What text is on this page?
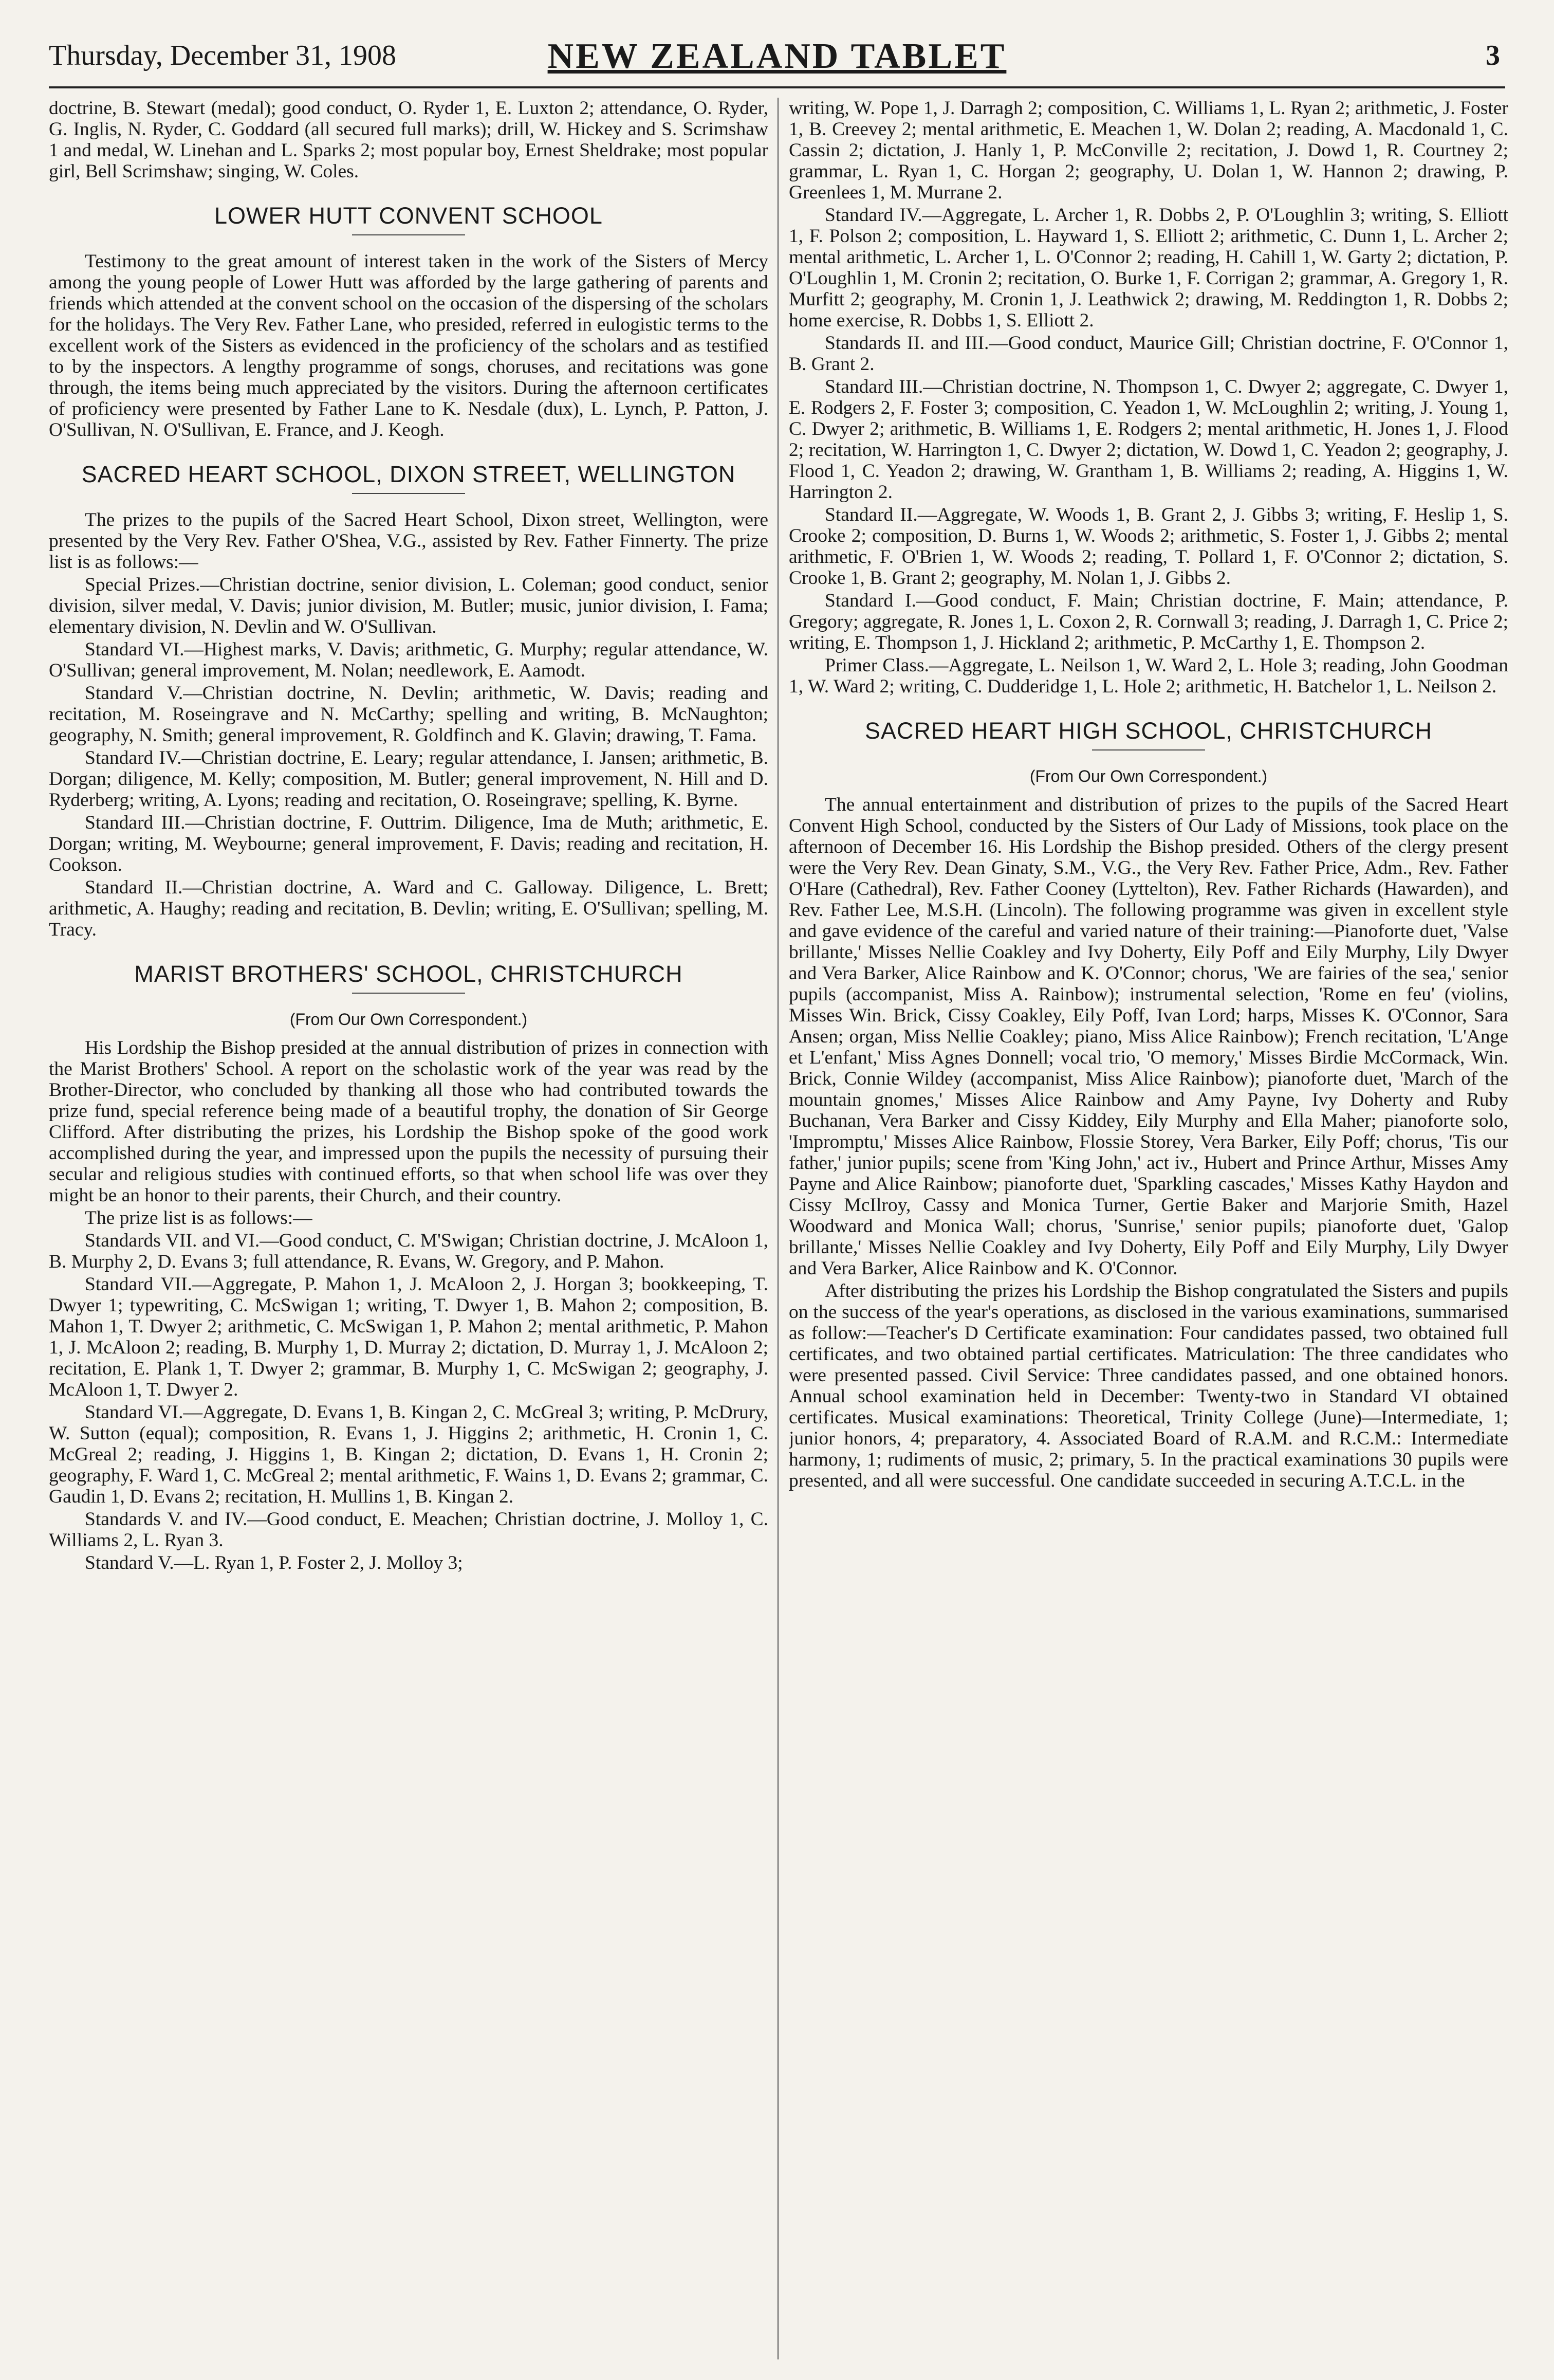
Thursday, December 31, 1908	NEW ZEALAND TABLET	3

doctrine, B. Stewart (medal); good conduct, O. Ryder 1, E. Luxton 2; attendance, O. Ryder, G. Inglis, N. Ryder, C. Goddard (all secured full marks); drill, W. Hickey and S. Scrimshaw 1 and medal, W. Linehan and L. Sparks 2; most popular boy, Ernest Sheldrake; most popular girl, Bell Scrimshaw; singing, W. Coles.

LOWER HUTT CONVENT SCHOOL

Testimony to the great amount of interest taken in the work of the Sisters of Mercy among the young people of Lower Hutt was afforded by the large gathering of parents and friends which attended at the convent school on the occasion of the dispersing of the scholars for the holidays. The Very Rev. Father Lane, who presided, referred in eulogistic terms to the excellent work of the Sisters as evidenced in the proficiency of the scholars and as testified to by the inspectors. A lengthy programme of songs, choruses, and recitations was gone through, the items being much appreciated by the visitors. During the afternoon certificates of proficiency were presented by Father Lane to K. Nesdale (dux), L. Lynch, P. Patton, J. O'Sullivan, N. O'Sullivan, E. France, and J. Keogh.

SACRED HEART SCHOOL, DIXON STREET, WELLINGTON

The prizes to the pupils of the Sacred Heart School, Dixon street, Wellington, were presented by the Very Rev. Father O'Shea, V.G., assisted by Rev. Father Finnerty. The prize list is as follows:—

Special Prizes.—Christian doctrine, senior division, L. Coleman; good conduct, senior division, silver medal, V. Davis; junior division, M. Butler; music, junior division, I. Fama; elementary division, N. Devlin and W. O'Sullivan.

Standard VI.—Highest marks, V. Davis; arithmetic, G. Murphy; regular attendance, W. O'Sullivan; general improvement, M. Nolan; needlework, E. Aamodt.

Standard V.—Christian doctrine, N. Devlin; arithmetic, W. Davis; reading and recitation, M. Roseingrave and N. McCarthy; spelling and writing, B. McNaughton; geography, N. Smith; general improvement, R. Goldfinch and K. Glavin; drawing, T. Fama.

Standard IV.—Christian doctrine, E. Leary; regular attendance, I. Jansen; arithmetic, B. Dorgan; diligence, M. Kelly; composition, M. Butler; general improvement, N. Hill and D. Ryderberg; writing, A. Lyons; reading and recitation, O. Roseingrave; spelling, K. Byrne.

Standard III.—Christian doctrine, F. Outtrim. Diligence, Ima de Muth; arithmetic, E. Dorgan; writing, M. Weybourne; general improvement, F. Davis; reading and recitation, H. Cookson.

Standard II.—Christian doctrine, A. Ward and C. Galloway. Diligence, L. Brett; arithmetic, A. Haughy; reading and recitation, B. Devlin; writing, E. O'Sullivan; spelling, M. Tracy.

MARIST BROTHERS' SCHOOL, CHRISTCHURCH
(From Our Own Correspondent.)

His Lordship the Bishop presided at the annual distribution of prizes in connection with the Marist Brothers' School. A report on the scholastic work of the year was read by the Brother-Director, who concluded by thanking all those who had contributed towards the prize fund, special reference being made of a beautiful trophy, the donation of Sir George Clifford. After distributing the prizes, his Lordship the Bishop spoke of the good work accomplished during the year, and impressed upon the pupils the necessity of pursuing their secular and religious studies with continued efforts, so that when school life was over they might be an honor to their parents, their Church, and their country.

The prize list is as follows:—

Standards VII. and VI.—Good conduct, C. M'Swigan; Christian doctrine, J. McAloon 1, B. Murphy 2, D. Evans 3; full attendance, R. Evans, W. Gregory, and P. Mahon.

Standard VII.—Aggregate, P. Mahon 1, J. McAloon 2, J. Horgan 3; bookkeeping, T. Dwyer 1; typewriting, C. McSwigan 1; writing, T. Dwyer 1, B. Mahon 2; composition, B. Mahon 1, T. Dwyer 2; arithmetic, C. McSwigan 1, P. Mahon 2; mental arithmetic, P. Mahon 1, J. McAloon 2; reading, B. Murphy 1, D. Murray 2; dictation, D. Murray 1, J. McAloon 2; recitation, E. Plank 1, T. Dwyer 2; grammar, B. Murphy 1, C. McSwigan 2; geography, J. McAloon 1, T. Dwyer 2.

Standard VI.—Aggregate, D. Evans 1, B. Kingan 2, C. McGreal 3; writing, P. McDrury, W. Sutton (equal); composition, R. Evans 1, J. Higgins 2; arithmetic, H. Cronin 1, C. McGreal 2; reading, J. Higgins 1, B. Kingan 2; dictation, D. Evans 1, H. Cronin 2; geography, F. Ward 1, C. McGreal 2; mental arithmetic, F. Wains 1, D. Evans 2; grammar, C. Gaudin 1, D. Evans 2; recitation, H. Mullins 1, B. Kingan 2.

Standards V. and IV.—Good conduct, E. Meachen; Christian doctrine, J. Molloy 1, C. Williams 2, L. Ryan 3.

Standard V.—L. Ryan 1, P. Foster 2, J. Molloy 3;

writing, W. Pope 1, J. Darragh 2; composition, C. Williams 1, L. Ryan 2; arithmetic, J. Foster 1, B. Creevey 2; mental arithmetic, E. Meachen 1, W. Dolan 2; reading, A. Macdonald 1, C. Cassin 2; dictation, J. Hanly 1, P. McConville 2; recitation, J. Dowd 1, R. Courtney 2; grammar, L. Ryan 1, C. Horgan 2; geography, U. Dolan 1, W. Hannon 2; drawing, P. Greenlees 1, M. Murrane 2.

Standard IV.—Aggregate, L. Archer 1, R. Dobbs 2, P. O'Loughlin 3; writing, S. Elliott 1, F. Polson 2; composition, L. Hayward 1, S. Elliott 2; arithmetic, C. Dunn 1, L. Archer 2; mental arithmetic, L. Archer 1, L. O'Connor 2; reading, H. Cahill 1, W. Garty 2; dictation, P. O'Loughlin 1, M. Cronin 2; recitation, O. Burke 1, F. Corrigan 2; grammar, A. Gregory 1, R. Murfitt 2; geography, M. Cronin 1, J. Leathwick 2; drawing, M. Reddington 1, R. Dobbs 2; home exercise, R. Dobbs 1, S. Elliott 2.

Standards II. and III.—Good conduct, Maurice Gill; Christian doctrine, F. O'Connor 1, B. Grant 2.

Standard III.—Christian doctrine, N. Thompson 1, C. Dwyer 2; aggregate, C. Dwyer 1, E. Rodgers 2, F. Foster 3; composition, C. Yeadon 1, W. McLoughlin 2; writing, J. Young 1, C. Dwyer 2; arithmetic, B. Williams 1, E. Rodgers 2; mental arithmetic, H. Jones 1, J. Flood 2; recitation, W. Harrington 1, C. Dwyer 2; dictation, W. Dowd 1, C. Yeadon 2; geography, J. Flood 1, C. Yeadon 2; drawing, W. Grantham 1, B. Williams 2; reading, A. Higgins 1, W. Harrington 2.

Standard II.—Aggregate, W. Woods 1, B. Grant 2, J. Gibbs 3; writing, F. Heslip 1, S. Crooke 2; composition, D. Burns 1, W. Woods 2; arithmetic, S. Foster 1, J. Gibbs 2; mental arithmetic, F. O'Brien 1, W. Woods 2; reading, T. Pollard 1, F. O'Connor 2; dictation, S. Crooke 1, B. Grant 2; geography, M. Nolan 1, J. Gibbs 2.

Standard I.—Good conduct, F. Main; Christian doctrine, F. Main; attendance, P. Gregory; aggregate, R. Jones 1, L. Coxon 2, R. Cornwall 3; reading, J. Darragh 1, C. Price 2; writing, E. Thompson 1, J. Hickland 2; arithmetic, P. McCarthy 1, E. Thompson 2.

Primer Class.—Aggregate, L. Neilson 1, W. Ward 2, L. Hole 3; reading, John Goodman 1, W. Ward 2; writing, C. Dudderidge 1, L. Hole 2; arithmetic, H. Batchelor 1, L. Neilson 2.

SACRED HEART HIGH SCHOOL, CHRISTCHURCH
(From Our Own Correspondent.)

The annual entertainment and distribution of prizes to the pupils of the Sacred Heart Convent High School, conducted by the Sisters of Our Lady of Missions, took place on the afternoon of December 16. His Lordship the Bishop presided. Others of the clergy present were the Very Rev. Dean Ginaty, S.M., V.G., the Very Rev. Father Price, Adm., Rev. Father O'Hare (Cathedral), Rev. Father Cooney (Lyttelton), Rev. Father Richards (Hawarden), and Rev. Father Lee, M.S.H. (Lincoln). The following programme was given in excellent style and gave evidence of the careful and varied nature of their training:—Pianoforte duet, 'Valse brillante,' Misses Nellie Coakley and Ivy Doherty, Eily Poff and Eily Murphy, Lily Dwyer and Vera Barker, Alice Rainbow and K. O'Connor; chorus, 'We are fairies of the sea,' senior pupils (accompanist, Miss A. Rainbow); instrumental selection, 'Rome en feu' (violins, Misses Win. Brick, Cissy Coakley, Eily Poff, Ivan Lord; harps, Misses K. O'Connor, Sara Ansen; organ, Miss Nellie Coakley; piano, Miss Alice Rainbow); French recitation, 'L'Ange et L'enfant,' Miss Agnes Donnell; vocal trio, 'O memory,' Misses Birdie McCormack, Win. Brick, Connie Wildey (accompanist, Miss Alice Rainbow); pianoforte duet, 'March of the mountain gnomes,' Misses Alice Rainbow and Amy Payne, Ivy Doherty and Ruby Buchanan, Vera Barker and Cissy Kiddey, Eily Murphy and Ella Maher; pianoforte solo, 'Impromptu,' Misses Alice Rainbow, Flossie Storey, Vera Barker, Eily Poff; chorus, 'Tis our father,' junior pupils; scene from 'King John,' act iv., Hubert and Prince Arthur, Misses Amy Payne and Alice Rainbow; pianoforte duet, 'Sparkling cascades,' Misses Kathy Haydon and Cissy McIlroy, Cassy and Monica Turner, Gertie Baker and Marjorie Smith, Hazel Woodward and Monica Wall; chorus, 'Sunrise,' senior pupils; pianoforte duet, 'Galop brillante,' Misses Nellie Coakley and Ivy Doherty, Eily Poff and Eily Murphy, Lily Dwyer and Vera Barker, Alice Rainbow and K. O'Connor.

After distributing the prizes his Lordship the Bishop congratulated the Sisters and pupils on the success of the year's operations, as disclosed in the various examinations, summarised as follow:—Teacher's D Certificate examination: Four candidates passed, two obtained full certificates, and two obtained partial certificates. Matriculation: The three candidates who were presented passed. Civil Service: Three candidates passed, and one obtained honors. Annual school examination held in December: Twenty-two in Standard VI obtained certificates. Musical examinations: Theoretical, Trinity College (June)—Intermediate, 1; junior honors, 4; preparatory, 4. Associated Board of R.A.M. and R.C.M.: Intermediate harmony, 1; rudiments of music, 2; primary, 5. In the practical examinations 30 pupils were presented, and all were successful. One candidate succeeded in securing A.T.C.L. in the
